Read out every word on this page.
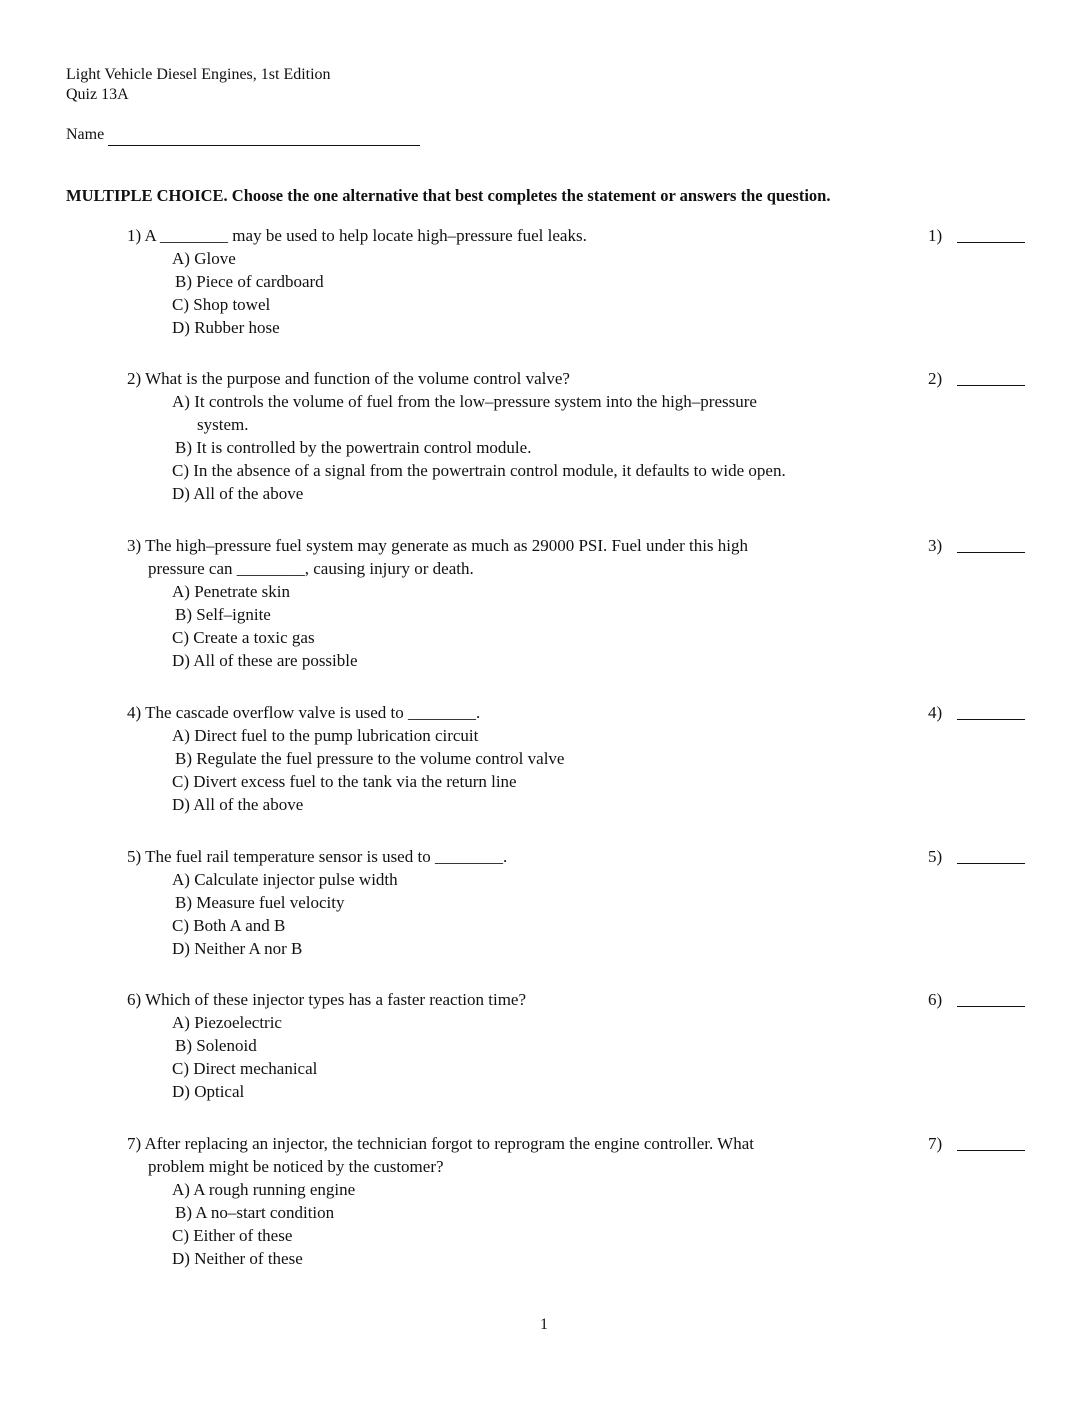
Light Vehicle Diesel Engines, 1st Edition
Quiz 13A
Name
MULTIPLE CHOICE. Choose the one alternative that best completes the statement or answers the question.
1) A ________ may be used to help locate high–pressure fuel leaks.
A) Glove
B) Piece of cardboard
C) Shop towel
D) Rubber hose
1)
2) What is the purpose and function of the volume control valve?
A) It controls the volume of fuel from the low–pressure system into the high–pressure
system.
B) It is controlled by the powertrain control module.
C) In the absence of a signal from the powertrain control module, it defaults to wide open.
D) All of the above
2)
3) The high–pressure fuel system may generate as much as 29000 PSI. Fuel under this high
pressure can ________, causing injury or death.
A) Penetrate skin
B) Self–ignite
C) Create a toxic gas
D) All of these are possible
3)
4) The cascade overflow valve is used to ________.
A) Direct fuel to the pump lubrication circuit
B) Regulate the fuel pressure to the volume control valve
C) Divert excess fuel to the tank via the return line
D) All of the above
4)
5) The fuel rail temperature sensor is used to ________.
A) Calculate injector pulse width
B) Measure fuel velocity
C) Both A and B
D) Neither A nor B
5)
6) Which of these injector types has a faster reaction time?
A) Piezoelectric
B) Solenoid
C) Direct mechanical
D) Optical
6)
7) After replacing an injector, the technician forgot to reprogram the engine controller. What
problem might be noticed by the customer?
A) A rough running engine
B) A no–start condition
C) Either of these
D) Neither of these
7)
1
